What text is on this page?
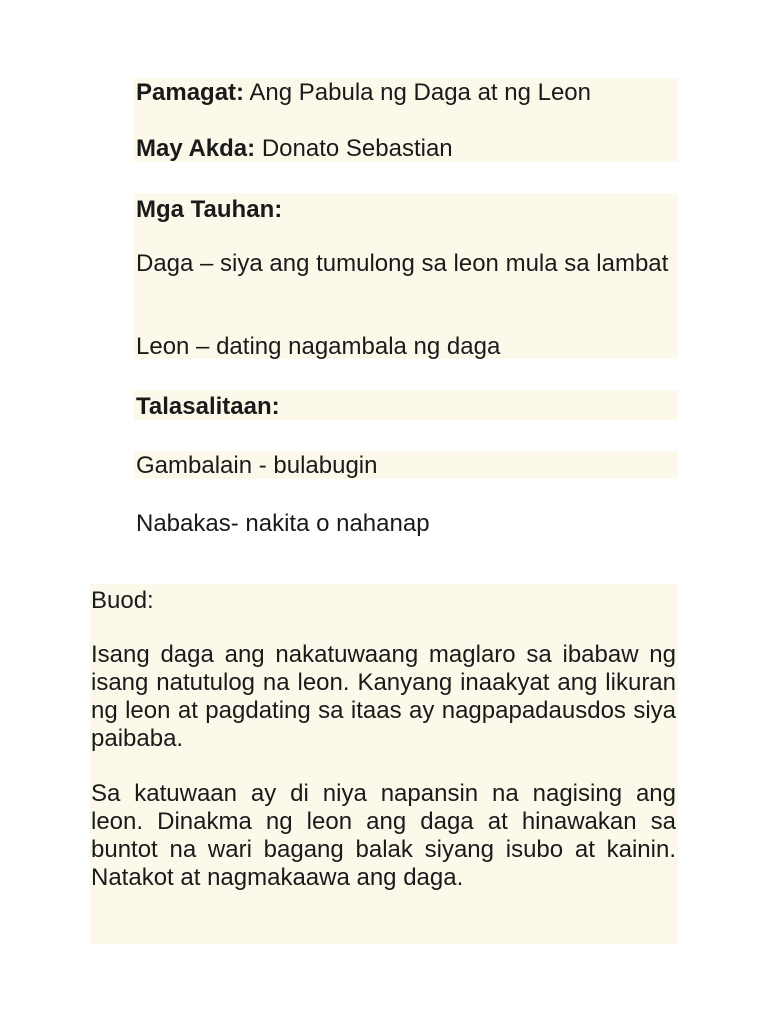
Pamagat: Ang Pabula ng Daga at ng Leon

May Akda: Donato Sebastian

Mga Tauhan:

Daga – siya ang tumulong sa leon mula sa lambat

Leon – dating nagambala ng daga

Talasalitaan:

Gambalain - bulabugin

Nabakas- nakita o nahanap

Buod:

Isang daga ang nakatuwaang maglaro sa ibabaw ng isang natutulog na leon. Kanyang inaakyat ang likuran ng leon at pagdating sa itaas ay nagpapadausdos siya paibaba.

Sa katuwaan ay di niya napansin na nagising ang leon. Dinakma ng leon ang daga at hinawakan sa buntot na wari bagang balak siyang isubo at kainin. Natakot at nagmakaawa ang daga.
